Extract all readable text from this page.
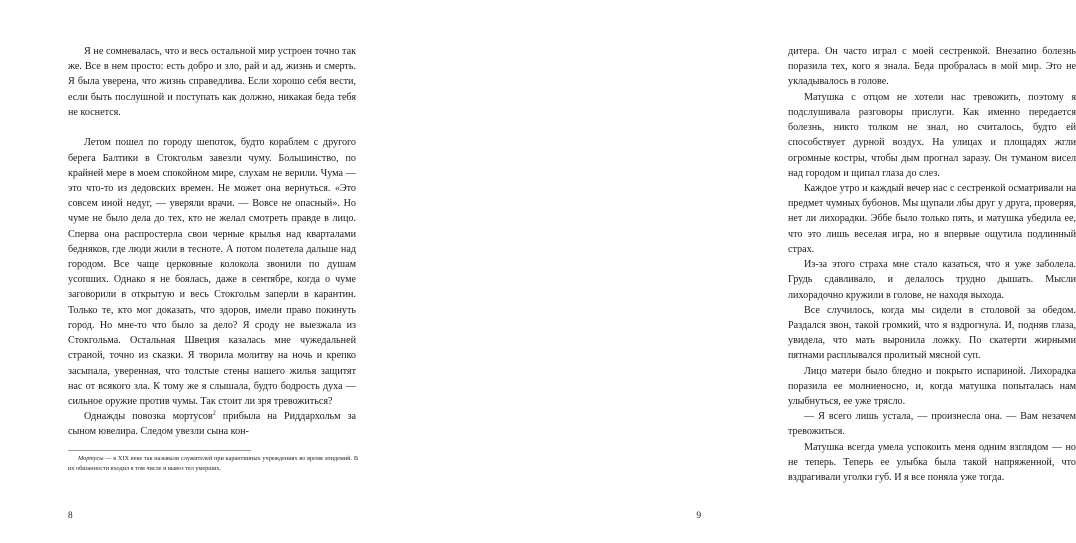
Я не сомневалась, что и весь остальной мир устроен точно так же. Все в нем просто: есть добро и зло, рай и ад, жизнь и смерть. Я была уверена, что жизнь справедлива. Если хорошо себя вести, если быть послушной и поступать как должно, никакая беда тебя не коснется.

Летом пошел по городу шепоток, будто кораблем с другого берега Балтики в Стокгольм завезли чуму. Большинство, по крайней мере в моем спокойном мире, слухам не верили. Чума — это что-то из дедовских времен. Не может она вернуться. «Это совсем иной недуг, — уверяли врачи. — Вовсе не опасный». Но чуме не было дела до тех, кто не желал смотреть правде в лицо. Сперва она распростерла свои черные крылья над кварталами бедняков, где люди жили в тесноте. А потом полетела дальше над городом. Все чаще церковные колокола звонили по душам усопших. Однако я не боялась, даже в сентябре, когда о чуме заговорили в открытую и весь Стокгольм заперли в карантин. Только те, кто мог доказать, что здоров, имели право покинуть город. Но мне-то что было за дело? Я сроду не выезжала из Стокгольма. Остальная Швеция казалась мне чужедальней страной, точно из сказки. Я творила молитву на ночь и крепко засыпала, уверенная, что толстые стены нашего жилья защитят нас от всякого зла. К тому же я слышала, будто бодрость духа — сильное оружие против чумы. Так стоит ли зря тревожиться?

Однажды повозка мортусов$^2$ прибыла на Риддархольм за сыном ювелира. Следом увезли сына кон-

Мортусы — в XIX веке так называли служителей при карантинных учреждениях во время эпидемий. В их обязанности входил в том числе и вывоз тел умерших.

8

дитера. Он часто играл с моей сестренкой. Внезапно болезнь поразила тех, кого я знала. Беда пробралась в мой мир. Это не укладывалось в голове.

Матушка с отцом не хотели нас тревожить, поэтому я подслушивала разговоры прислуги. Как именно передается болезнь, никто толком не знал, но считалось, будто ей способствует дурной воздух. На улицах и площадях жгли огромные костры, чтобы дым прогнал заразу. Он туманом висел над городом и щипал глаза до слез.

Каждое утро и каждый вечер нас с сестренкой осматривали на предмет чумных бубонов. Мы щупали лбы друг у друга, проверяя, нет ли лихорадки. Эббе было только пять, и матушка убедила ее, что это лишь веселая игра, но я впервые ощутила подлинный страх.

Из-за этого страха мне стало казаться, что я уже заболела. Грудь сдавливало, и делалось трудно дышать. Мысли лихорадочно кружили в голове, не находя выхода.

Все случилось, когда мы сидели в столовой за обедом. Раздался звон, такой громкий, что я вздрогнула. И, подняв глаза, увидела, что мать выронила ложку. По скатерти жирными пятнами расплывался пролитый мясной суп.

Лицо матери было бледно и покрыто испариной. Лихорадка поразила ее молниеносно, и, когда матушка попыталась нам улыбнуться, ее уже трясло.

— Я всего лишь устала, — произнесла она. — Вам незачем тревожиться.

Матушка всегда умела успокоить меня одним взглядом — но не теперь. Теперь ее улыбка была такой напряженной, что вздрагивали уголки губ. И я все поняла уже тогда.

9
